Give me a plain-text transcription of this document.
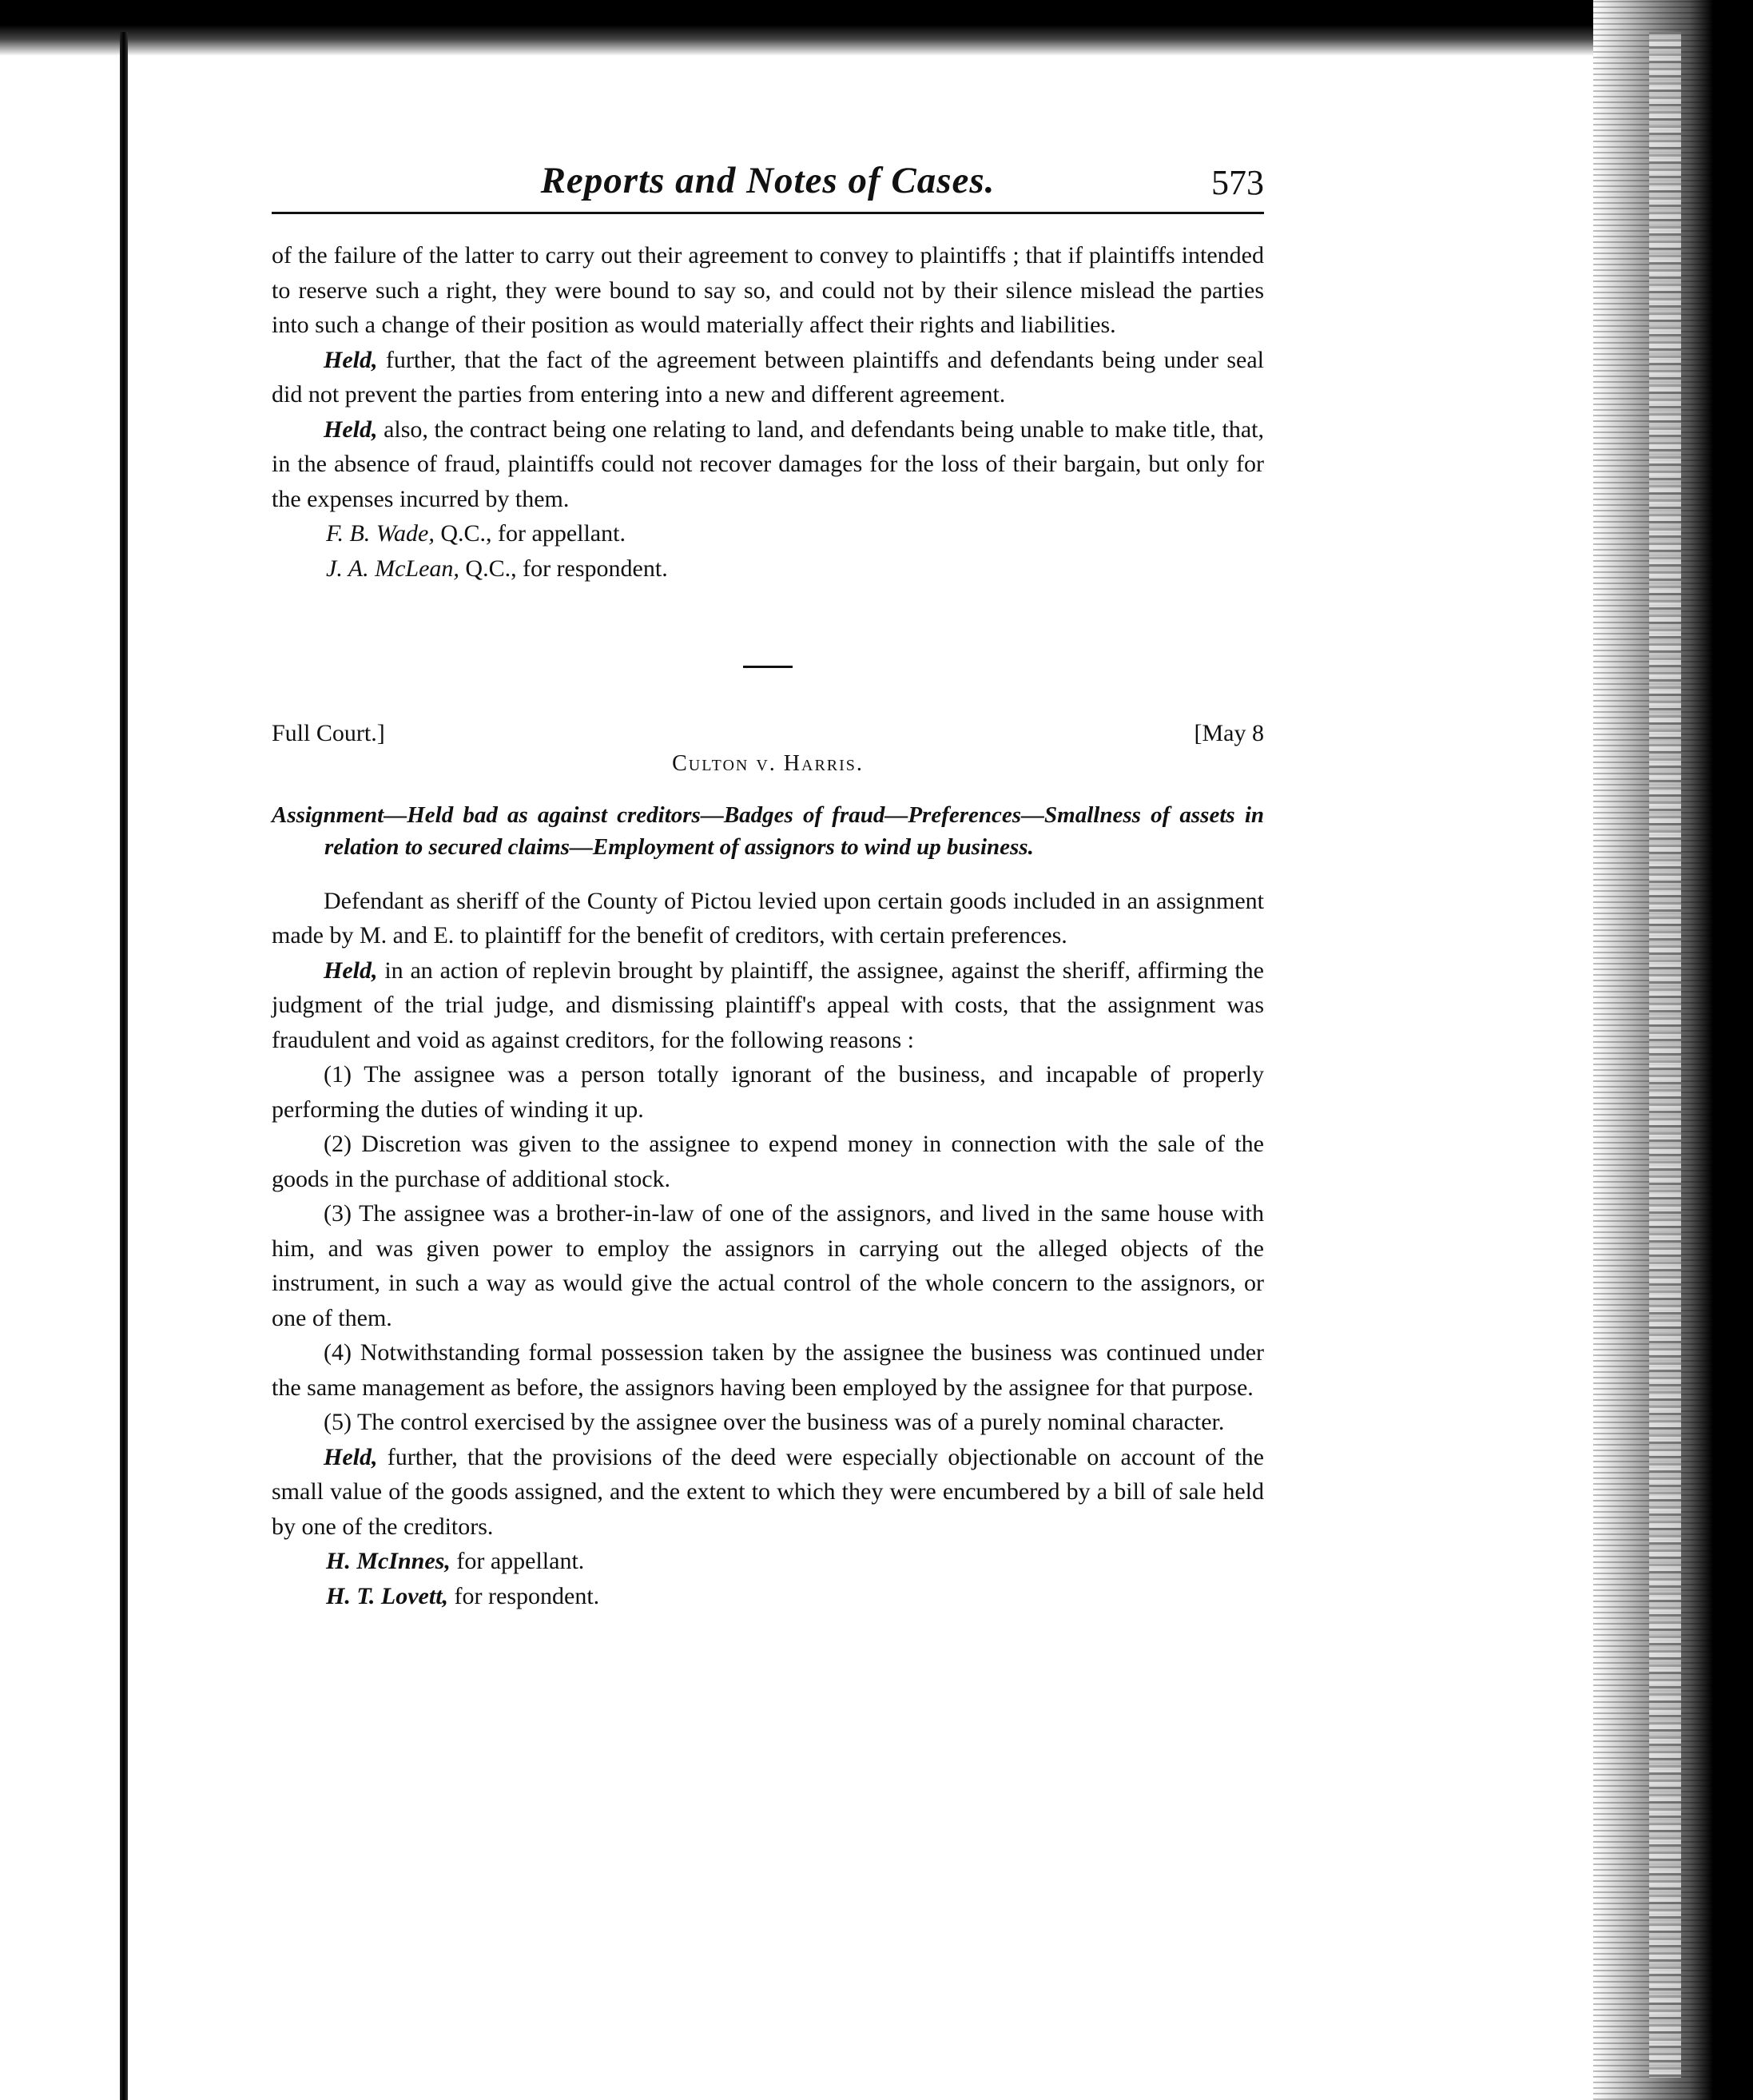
Reports and Notes of Cases.	573

of the failure of the latter to carry out their agreement to convey to plaintiffs ; that if plaintiffs intended to reserve such a right, they were bound to say so, and could not by their silence mislead the parties into such a change of their position as would materially affect their rights and liabilities.

Held, further, that the fact of the agreement between plaintiffs and defendants being under seal did not prevent the parties from entering into a new and different agreement.

Held, also, the contract being one relating to land, and defendants being unable to make title, that, in the absence of fraud, plaintiffs could not recover damages for the loss of their bargain, but only for the expenses incurred by them.

F. B. Wade, Q.C., for appellant.

J. A. McLean, Q.C., for respondent.

Full Court.]	[May 8
Culton v. Harris.

Assignment—Held bad as against creditors—Badges of fraud—Preferences—Smallness of assets in relation to secured claims—Employment of assignors to wind up business.

Defendant as sheriff of the County of Pictou levied upon certain goods included in an assignment made by M. and E. to plaintiff for the benefit of creditors, with certain preferences.

Held, in an action of replevin brought by plaintiff, the assignee, against the sheriff, affirming the judgment of the trial judge, and dismissing plaintiff's appeal with costs, that the assignment was fraudulent and void as against creditors, for the following reasons :

(1) The assignee was a person totally ignorant of the business, and incapable of properly performing the duties of winding it up.

(2) Discretion was given to the assignee to expend money in connection with the sale of the goods in the purchase of additional stock.

(3) The assignee was a brother-in-law of one of the assignors, and lived in the same house with him, and was given power to employ the assignors in carrying out the alleged objects of the instrument, in such a way as would give the actual control of the whole concern to the assignors, or one of them.

(4) Notwithstanding formal possession taken by the assignee the business was continued under the same management as before, the assignors having been employed by the assignee for that purpose.

(5) The control exercised by the assignee over the business was of a purely nominal character.

Held, further, that the provisions of the deed were especially objectionable on account of the small value of the goods assigned, and the extent to which they were encumbered by a bill of sale held by one of the creditors.

H. McInnes, for appellant.

H. T. Lovett, for respondent.
